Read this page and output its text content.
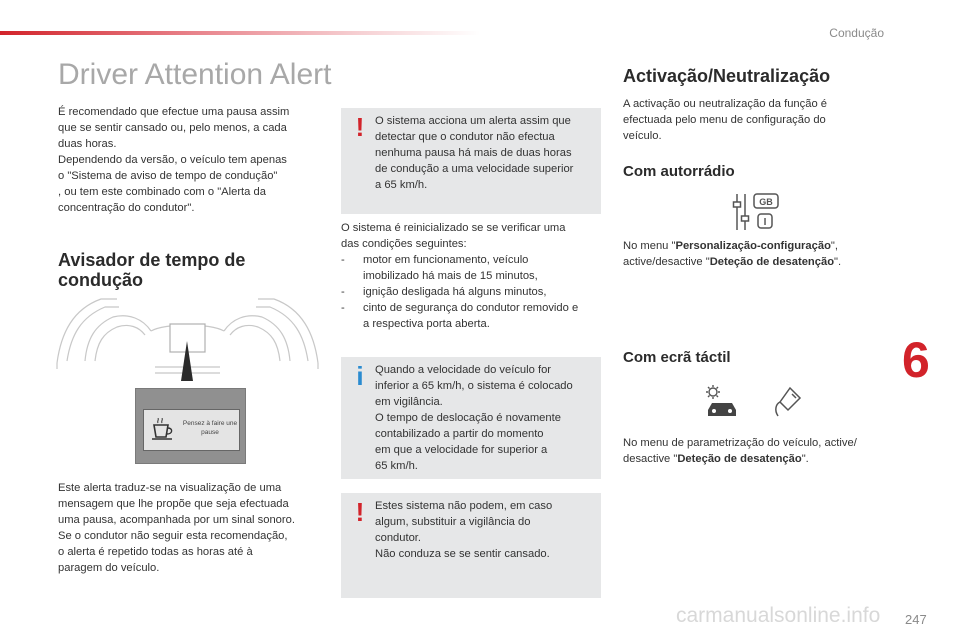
Condução
Driver Attention Alert
É recomendado que efectue uma pausa assim
que se sentir cansado ou, pelo menos, a cada
duas horas.
Dependendo da versão, o veículo tem apenas
o "Sistema de aviso de tempo de condução"
, ou tem este combinado com o "Alerta da
concentração do condutor".
Avisador de tempo de
condução
Pensez à faire une
pause
Este alerta traduz-se na visualização de uma
mensagem que lhe propõe que seja efectuada
uma pausa, acompanhada por um sinal sonoro.
Se o condutor não seguir esta recomendação,
o alerta é repetido todas as horas até à
paragem do veículo.
! O sistema acciona um alerta assim que
detectar que o condutor não efectua
nenhuma pausa há mais de duas horas
de condução a uma velocidade superior
a 65 km/h.
O sistema é reinicializado se se verificar uma
das condições seguintes:
- motor em funcionamento, veículo
imobilizado há mais de 15 minutos,
- ignição desligada há alguns minutos,
- cinto de segurança do condutor removido e
a respectiva porta aberta.
i Quando a velocidade do veículo for
inferior a 65 km/h, o sistema é colocado
em vigilância.
O tempo de deslocação é novamente
contabilizado a partir do momento
em que a velocidade for superior a
65 km/h.
! Estes sistema não podem, em caso
algum, substituir a vigilância do
condutor.
Não conduza se se sentir cansado.
Activação/Neutralização
A activação ou neutralização da função é
efectuada pelo menu de configuração do
veículo.
Com autorrádio
GB
I
No menu "Personalização-configuração",
active/desactive "Deteção de desatenção".
Com ecrã táctil
No menu de parametrização do veículo, active/
desactive "Deteção de desatenção".
6
carmanualsonline.info 247
